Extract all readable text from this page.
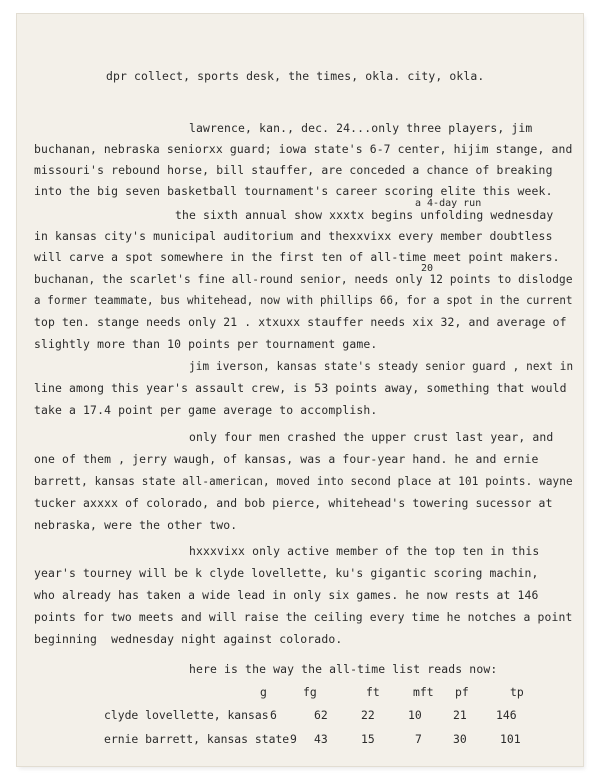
dpr collect, sports desk, the times, okla. city, okla.
lawrence, kan., dec. 24...only three players, jim
buchanan, nebraska seniorxx guard; iowa state's 6-7 center, hijim stange, and
missouri's rebound horse, bill stauffer, are conceded a chance of breaking
into the big seven basketball tournament's career scoring elite this week.
a 4-day run
the sixth annual show xxxtx begins unfolding wednesday
in kansas city's municipal auditorium and thexxvixx every member doubtless
will carve a spot somewhere in the first ten of all-time meet point makers.
20
buchanan, the scarlet's fine all-round senior, needs only 12 points to dislodge
a former teammate, bus whitehead, now with phillips 66, for a spot in the current
top ten. stange needs only 21 . xtxuxx stauffer needs xix 32, and average of
slightly more than 10 points per tournament game.
jim iverson, kansas state's steady senior guard , next in
line among this year's assault crew, is 53 points away, something that would
take a 17.4 point per game average to accomplish.
only four men crashed the upper crust last year, and
one of them , jerry waugh, of kansas, was a four-year hand. he and ernie
barrett, kansas state all-american, moved into second place at 101 points. wayne
tucker axxxx of colorado, and bob pierce, whitehead's towering sucessor at
nebraska, were the other two.
hxxxvixx only active member of the top ten in this
year's tourney will be k clyde lovellette, ku's gigantic scoring machin,
who already has taken a wide lead in only six games. he now rests at 146
points for two meets and will raise the ceiling every time he notches a point
beginning  wednesday night against colorado.
here is the way the all-time list reads now:
g	fg	ft	mft pf	tp
clyde lovellette, kansas 6	62	22	10	21	146
ernie barrett, kansas state 9 43	15	7	30	101
